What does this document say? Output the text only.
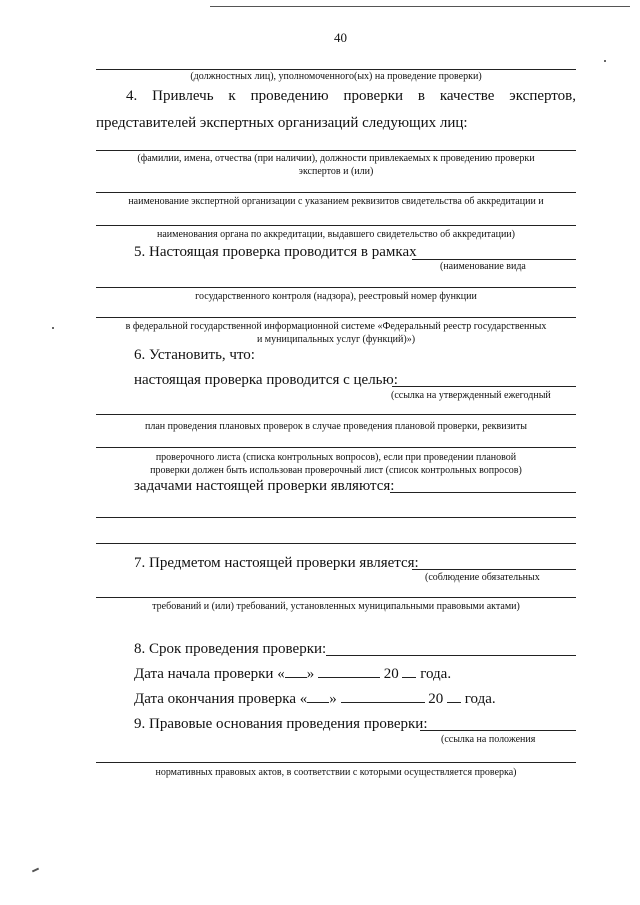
40
(должностных лиц), уполномоченного(ых) на проведение проверки)
4. Привлечь к проведению проверки в качестве экспертов,
представителей экспертных организаций следующих лиц:
(фамилии, имена, отчества (при наличии), должности привлекаемых к проведению проверки
экспертов и (или)
наименование экспертной организации с указанием реквизитов свидетельства об аккредитации и
наименования органа по аккредитации, выдавшего свидетельство об аккредитации)
5. Настоящая проверка проводится в рамках
(наименование вида
государственного контроля (надзора), реестровый номер функции
в федеральной государственной информационной системе «Федеральный реестр государственных
и муниципальных услуг (функций)»)
6. Установить, что:
настоящая проверка проводится с целью:
(ссылка на утвержденный ежегодный
план проведения плановых проверок в случае проведения плановой проверки, реквизиты
проверочного листа (списка контрольных вопросов), если при проведении плановой
проверки должен быть использован проверочный лист (список контрольных вопросов)
задачами настоящей проверки являются:
7. Предметом настоящей проверки является:
(соблюдение обязательных
требований и (или) требований, установленных муниципальными правовыми актами)
8. Срок проведения проверки:
Дата начала проверки « »	20 года.
Дата окончания проверка « »	20 года.
9. Правовые основания проведения проверки:
(ссылка на положения
нормативных правовых актов, в соответствии с которыми осуществляется проверка)
